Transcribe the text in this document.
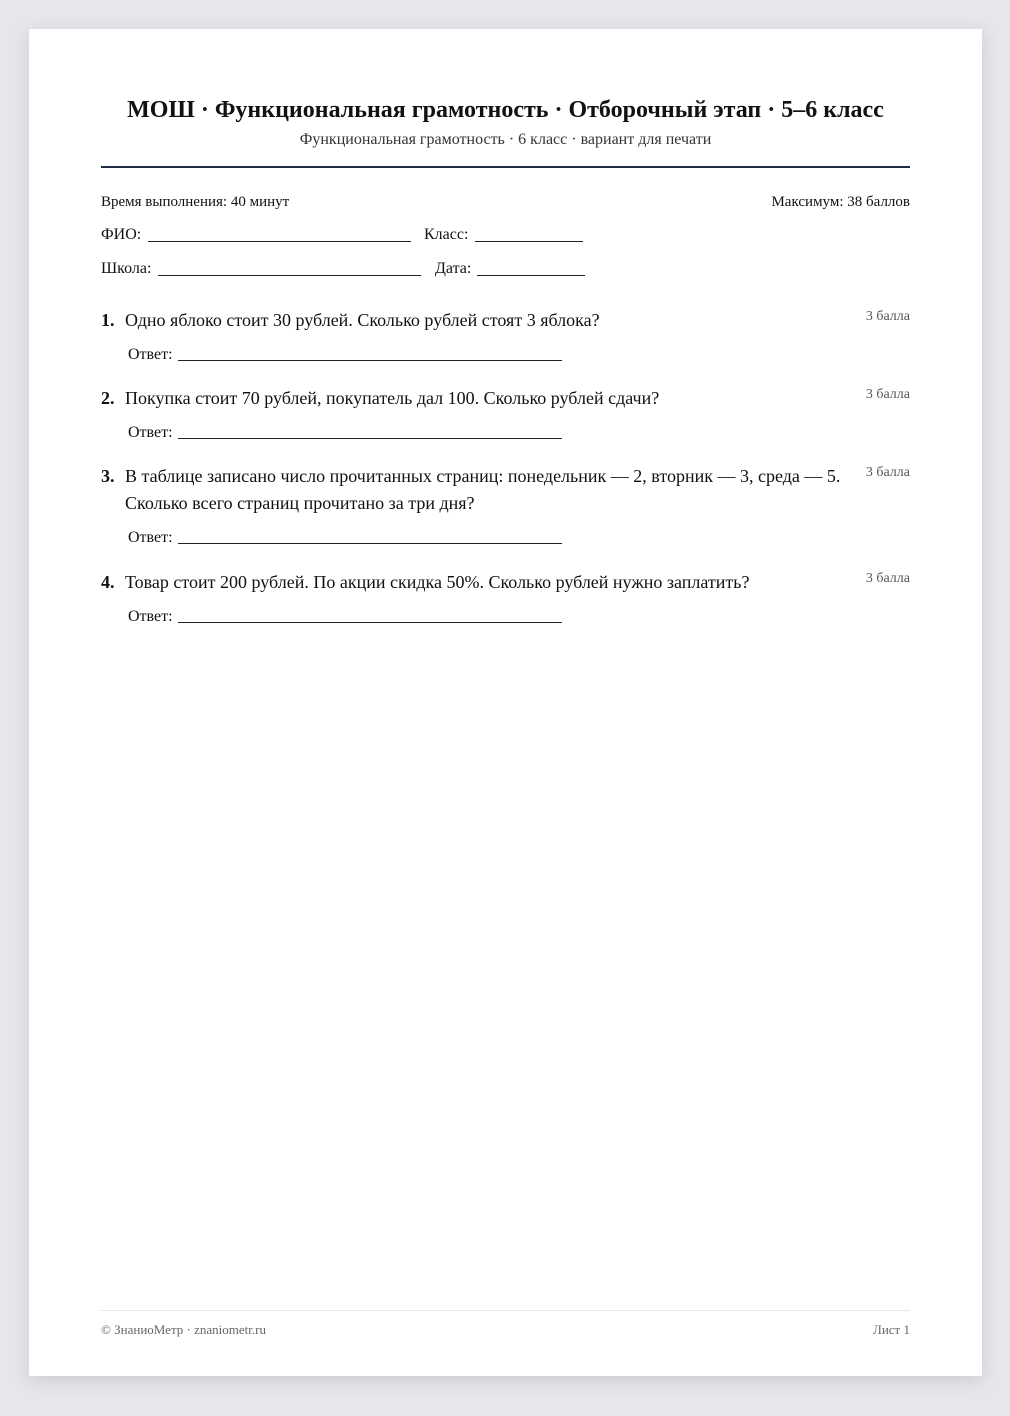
МОШ · Функциональная грамотность · Отборочный этап · 5–6 класс
Функциональная грамотность · 6 класс · вариант для печати
Время выполнения: 40 минут	Максимум: 38 баллов
ФИО:	Класс:
Школа:	Дата:
1. Одно яблоко стоит 30 рублей. Сколько рублей стоят 3 яблока?	3 балла
Ответ:
2. Покупка стоит 70 рублей, покупатель дал 100. Сколько рублей сдачи?	3 балла
Ответ:
3. В таблице записано число прочитанных страниц: понедельник — 2, вторник — 3, среда — 5. Сколько всего страниц прочитано за три дня?
3 балла
Ответ:
4. Товар стоит 200 рублей. По акции скидка 50%. Сколько рублей нужно заплатить?	3 балла
Ответ:
© ЗнаниоМетр · znaniometr.ru	Лист 1
